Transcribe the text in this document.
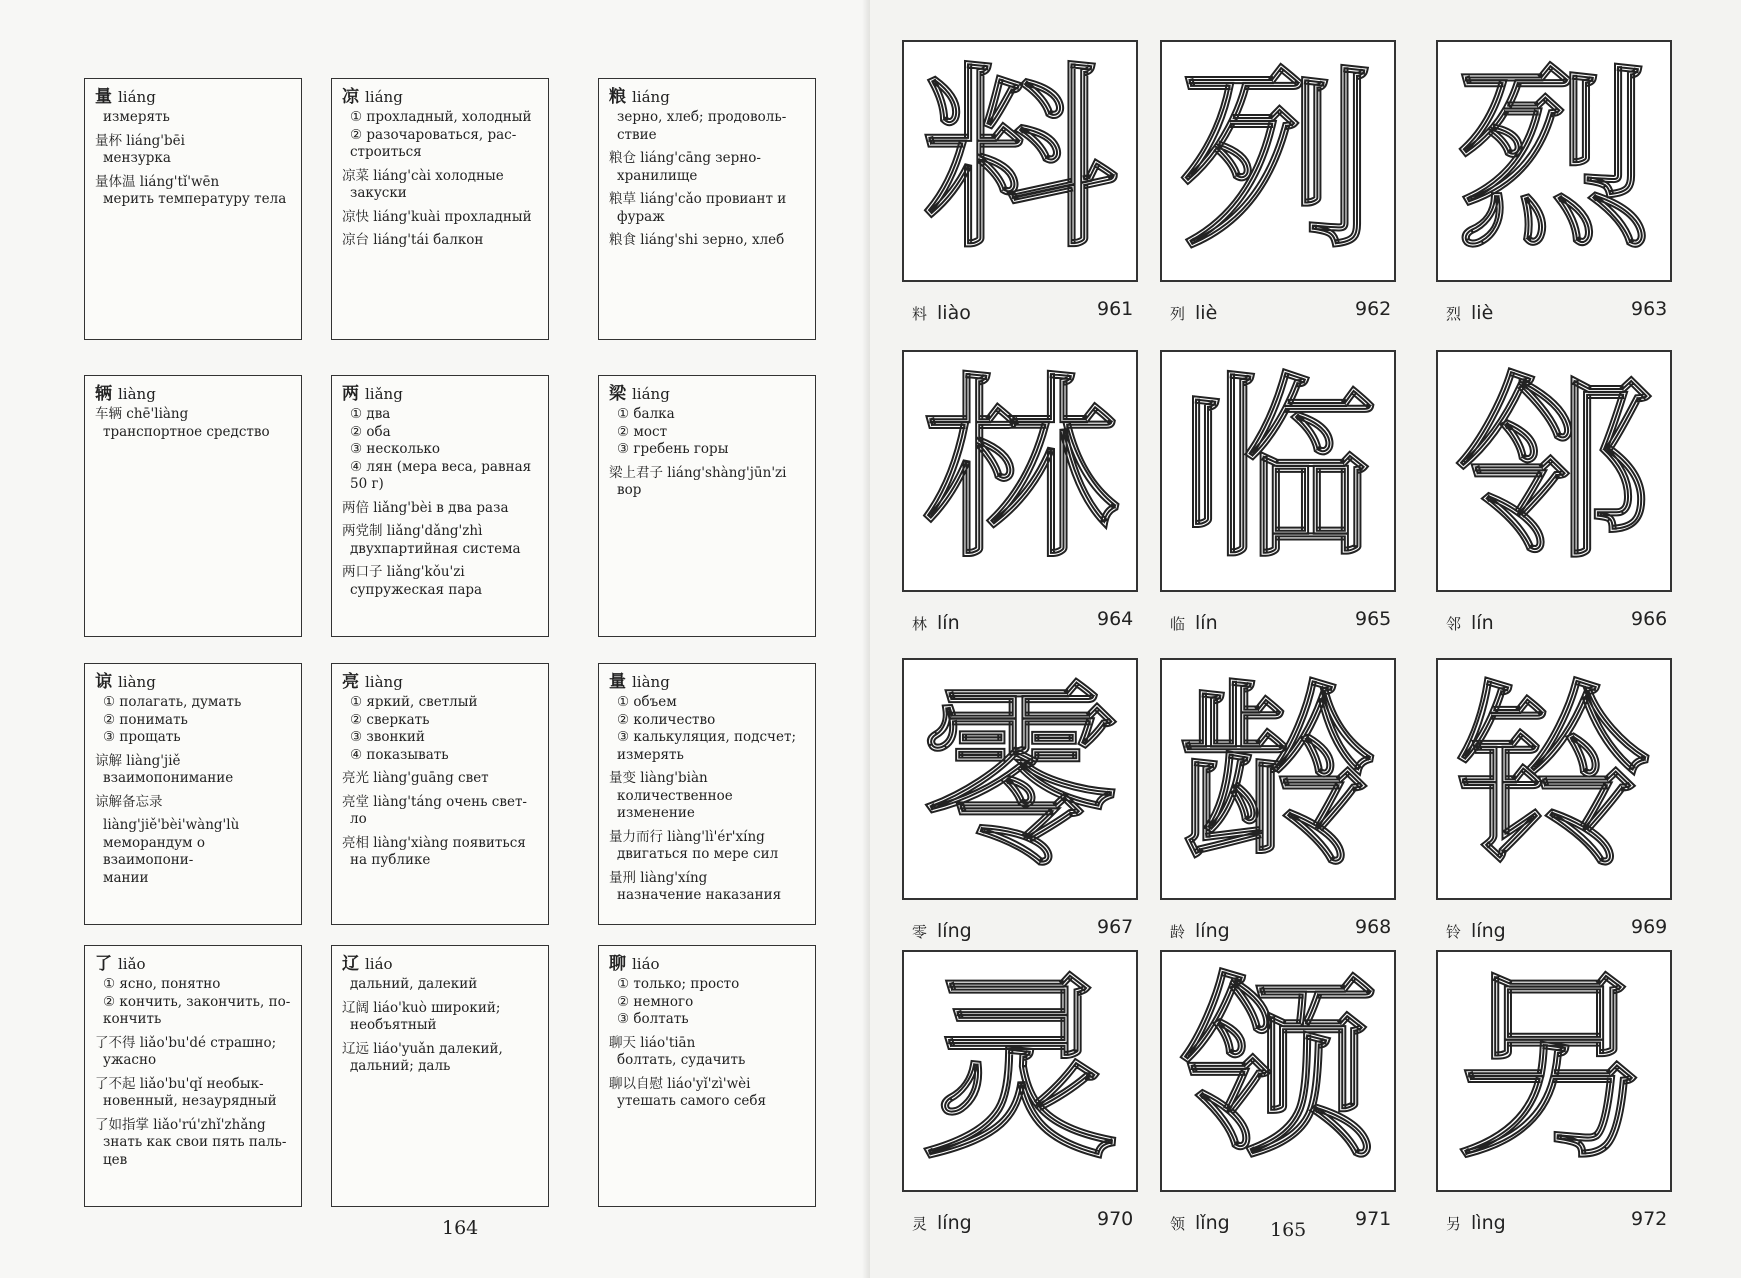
量 liáng
измерять
量杯 liáng'bēi
мензурка
量体温 liáng'tǐ'wēn
мерить температуру тела
凉 liáng
① прохладный, холодный
② разочароваться, рас-
строиться
凉菜 liáng'cài холодные
закуски
凉快 liáng'kuài прохладный
凉台 liáng'tái балкон
粮 liáng
зерно, хлеб; продоволь-
ствие
粮仓 liáng'cāng зерно-
хранилище
粮草 liáng'cǎo провиант и
фураж
粮食 liáng'shi зерно, хлеб
辆 liàng
车辆 chē'liàng
транспортное средство
两 liǎng
① два
② оба
③ несколько
④ лян (мера веса, равная
50 г)
两倍 liǎng'bèi в два раза
两党制 liǎng'dǎng'zhì
двухпартийная система
两口子 liǎng'kǒu'zi
супружеская пара
梁 liáng
① балка
② мост
③ гребень горы
梁上君子 liáng'shàng'jūn'zi
вор
谅 liàng
① полагать, думать
② понимать
③ прощать
谅解 liàng'jiě
взаимопонимание
谅解备忘录
liàng'jiě'bèi'wàng'lù
меморандум о взаимопони-
мании
亮 liàng
① яркий, светлый
② сверкать
③ звонкий
④ показывать
亮光 liàng'guāng свет
亮堂 liàng'táng очень свет-
ло
亮相 liàng'xiàng появиться
на публике
量 liàng
① объем
② количество
③ калькуляция, подсчет;
измерять
量变 liàng'biàn
количественное изменение
量力而行 liàng'lì'ér'xíng
двигаться по мере сил
量刑 liàng'xíng
назначение наказания
了 liǎo
① ясно, понятно
② кончить, закончить, по-
кончить
了不得 liǎo'bu'dé страшно;
ужасно
了不起 liǎo'bu'qǐ необык-
новенный, незаурядный
了如指掌 liǎo'rú'zhǐ'zhǎng
знать как свои пять паль-
цев
辽 liáo
дальний, далекий
辽阔 liáo'kuò широкий;
необъятный
辽远 liáo'yuǎn далекий,
дальний; даль
聊 liáo
① только; просто
② немного
③ болтать
聊天 liáo'tiān
болтать, судачить
聊以自慰 liáo'yǐ'zì'wèi
утешать самого себя
164
料
料 liào	961
列
列 liè	962
烈
烈 liè	963
林
林 lín	964
临
临 lín	965
邻
邻 lín	966
零
零 líng	967
龄
龄 líng	968
铃
铃 líng	969
灵
灵 líng	970
领
领 lǐng	971
另
另 lìng	972
165
